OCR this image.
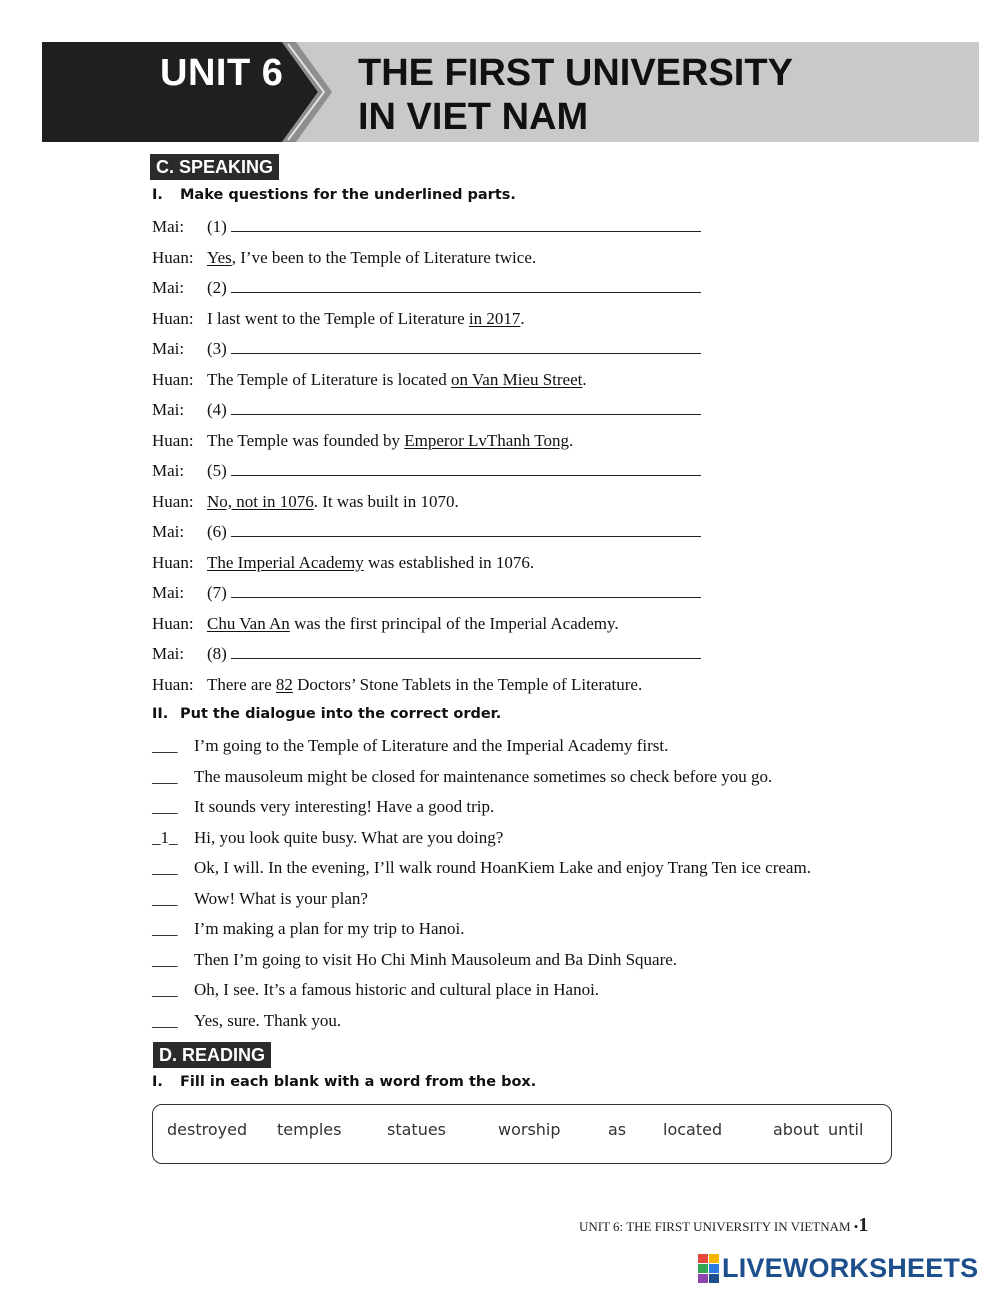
UNIT 6 THE FIRST UNIVERSITY
IN VIET NAM
C. SPEAKING
I. Make questions for the underlined parts.
Mai: (1)
Huan: Yes, I’ve been to the Temple of Literature twice.
Mai: (2)
Huan: I last went to the Temple of Literature in 2017.
Mai: (3)
Huan: The Temple of Literature is located on Van Mieu Street.
Mai: (4)
Huan: The Temple was founded by Emperor LvThanh Tong.
Mai: (5)
Huan: No, not in 1076. It was built in 1070.
Mai: (6)
Huan: The Imperial Academy was established in 1076.
Mai: (7)
Huan: Chu Van An was the first principal of the Imperial Academy.
Mai: (8)
Huan: There are 82 Doctors’ Stone Tablets in the Temple of Literature.
II. Put the dialogue into the correct order.
___ I’m going to the Temple of Literature and the Imperial Academy first.
___ The mausoleum might be closed for maintenance sometimes so check before you go.
___ It sounds very interesting! Have a good trip.
_1_ Hi, you look quite busy. What are you doing?
___ Ok, I will. In the evening, I’ll walk round HoanKiem Lake and enjoy Trang Ten ice cream.
___ Wow! What is your plan?
___ I’m making a plan for my trip to Hanoi.
___ Then I’m going to visit Ho Chi Minh Mausoleum and Ba Dinh Square.
___ Oh, I see. It’s a famous historic and cultural place in Hanoi.
___ Yes, sure. Thank you.
D. READING
I. Fill in each blank with a word from the box.
destroyed temples	statues	worship	as located	about until
UNIT 6: THE FIRST UNIVERSITY IN VIETNAM •1
LIVEWORKSHEETS
